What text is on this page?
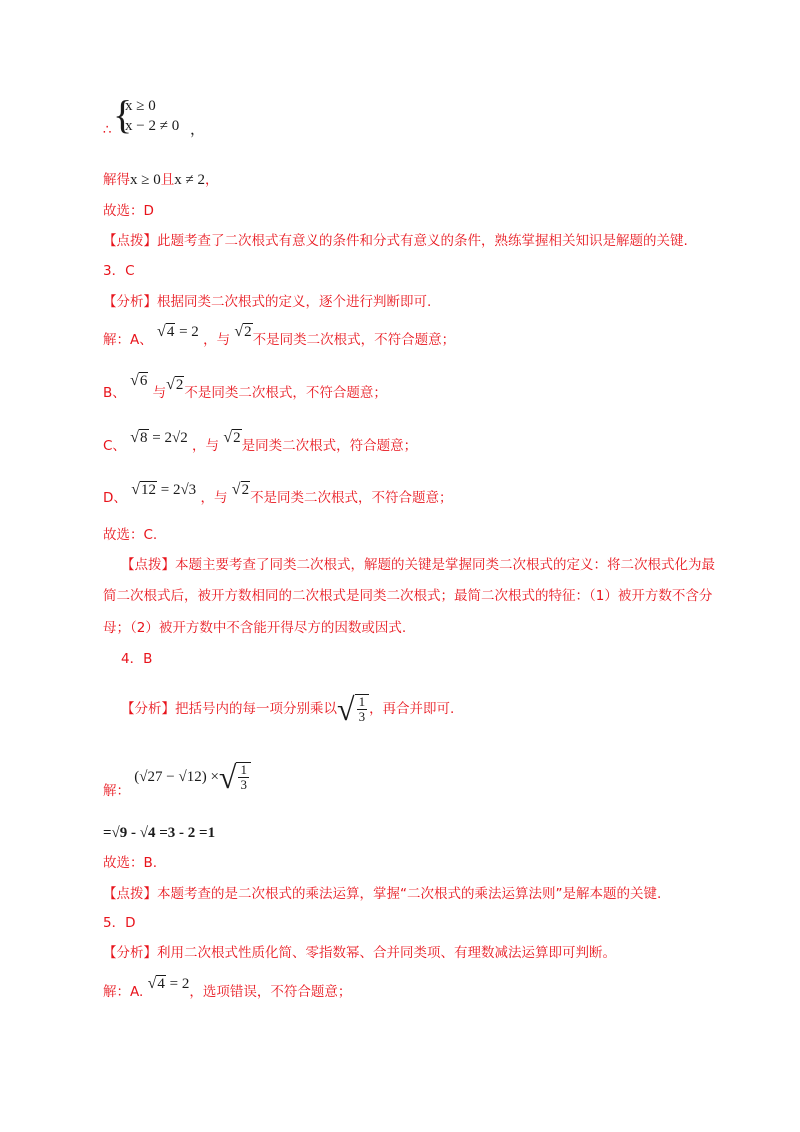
{
x ≥ 0
x − 2 ≠ 0
∴	，
解得x ≥ 0且x ≠ 2，
故选：D
【点拨】此题考查了二次根式有意义的条件和分式有意义的条件，熟练掌握相关知识是解题的关键.
3．C
【分析】根据同类二次根式的定义，逐个进行判断即可.
解：A、 √4 = 2 ，与 √2不是同类二次根式，不符合题意；
B、 √6 与√2不是同类二次根式，不符合题意；
C、 √8 = 2√2 ，与 √2是同类二次根式，符合题意；
D、 √12 = 2√3 ，与 √2不是同类二次根式，不符合题意；
故选：C.
【点拨】本题主要考查了同类二次根式，解题的关键是掌握同类二次根式的定义：将二次根式化为最
简二次根式后，被开方数相同的二次根式是同类二次根式；最简二次根式的特征：（1）被开方数不含分
母；（2）被开方数中不含能开得尽方的因数或因式.
4．B
【分析】把括号内的每一项分别乘以 √ $\frac{1}{3}$ ，再合并即可.
解： (√27 − √12) × √ $\frac{1}{3}$
=√9 - √4 =3 - 2 =1
故选：B.
【点拨】本题考查的是二次根式的乘法运算，掌握“二次根式的乘法运算法则”是解本题的关键.
5．D
【分析】利用二次根式性质化简、零指数幂、合并同类项、有理数减法运算即可判断。
解：A. √4 = 2，选项错误，不符合题意；
